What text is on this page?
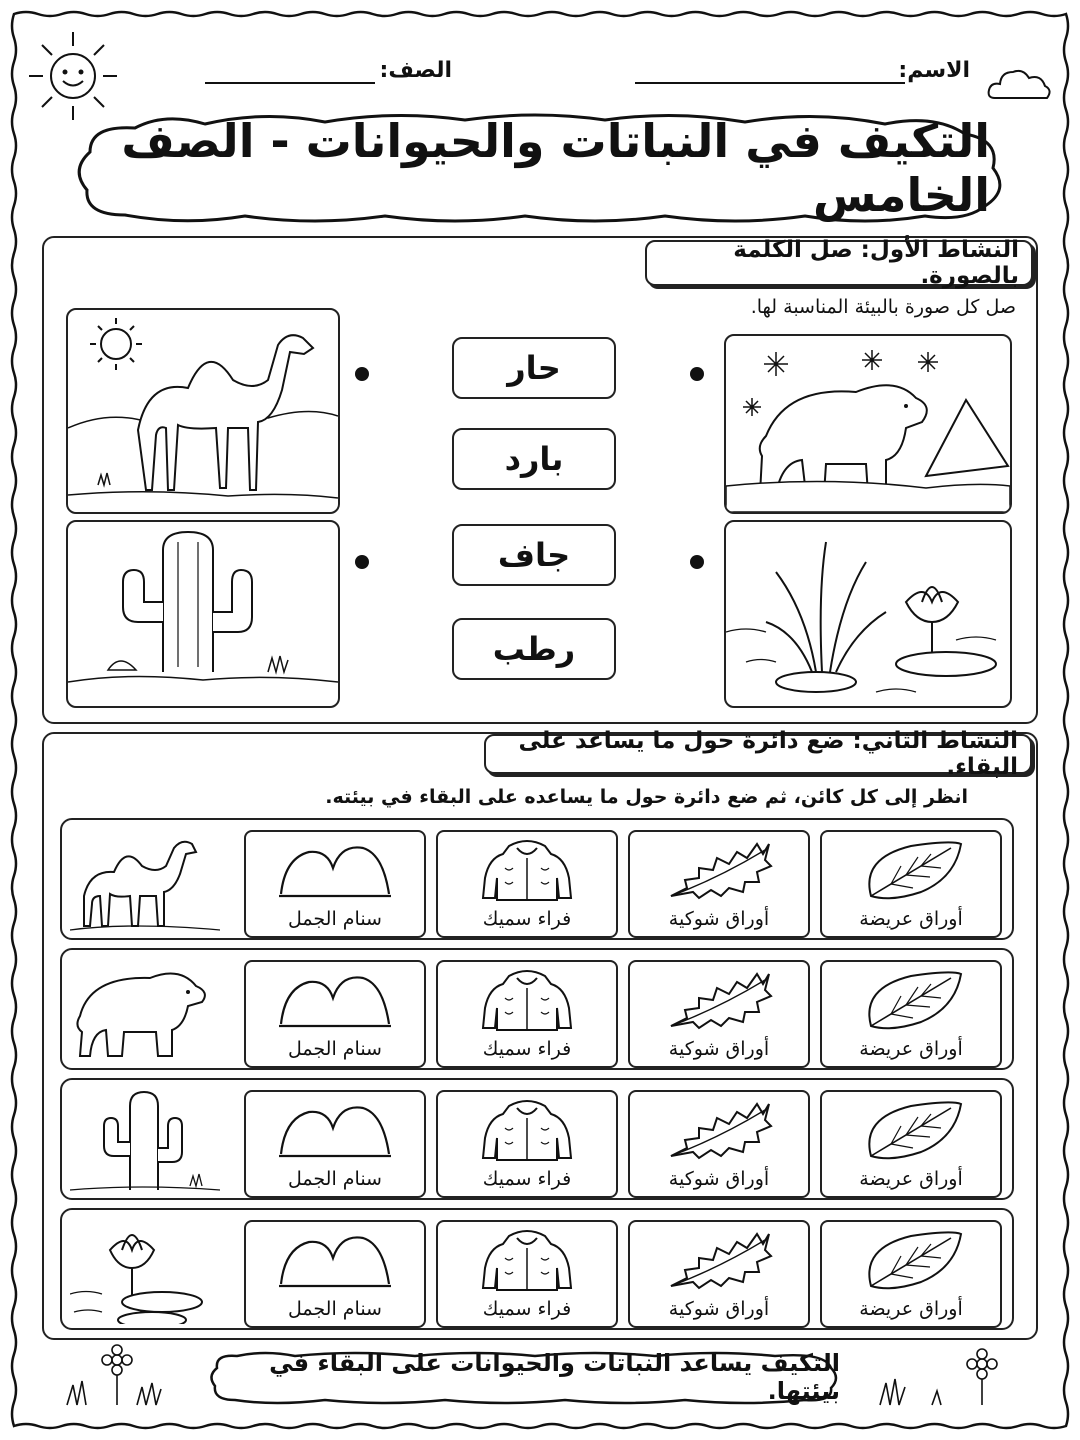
الاسم:
الصف:
التكيف في النباتات والحيوانات - الصف الخامس
النشاط الأول: صل الكلمة بالصورة.
صل كل صورة بالبيئة المناسبة لها.
حار
بارد
جاف
رطب
النشاط الثاني: ضع دائرة حول ما يساعد على البقاء.
انظر إلى كل كائن، ثم ضع دائرة حول ما يساعده على البقاء في بيئته.
أوراق عريضة
أوراق شوكية
فراء سميك
سنام الجمل
أوراق عريضة
أوراق شوكية
فراء سميك
سنام الجمل
أوراق عريضة
أوراق شوكية
فراء سميك
سنام الجمل
أوراق عريضة
أوراق شوكية
فراء سميك
سنام الجمل
التكيف يساعد النباتات والحيوانات على البقاء في بيئتها.
